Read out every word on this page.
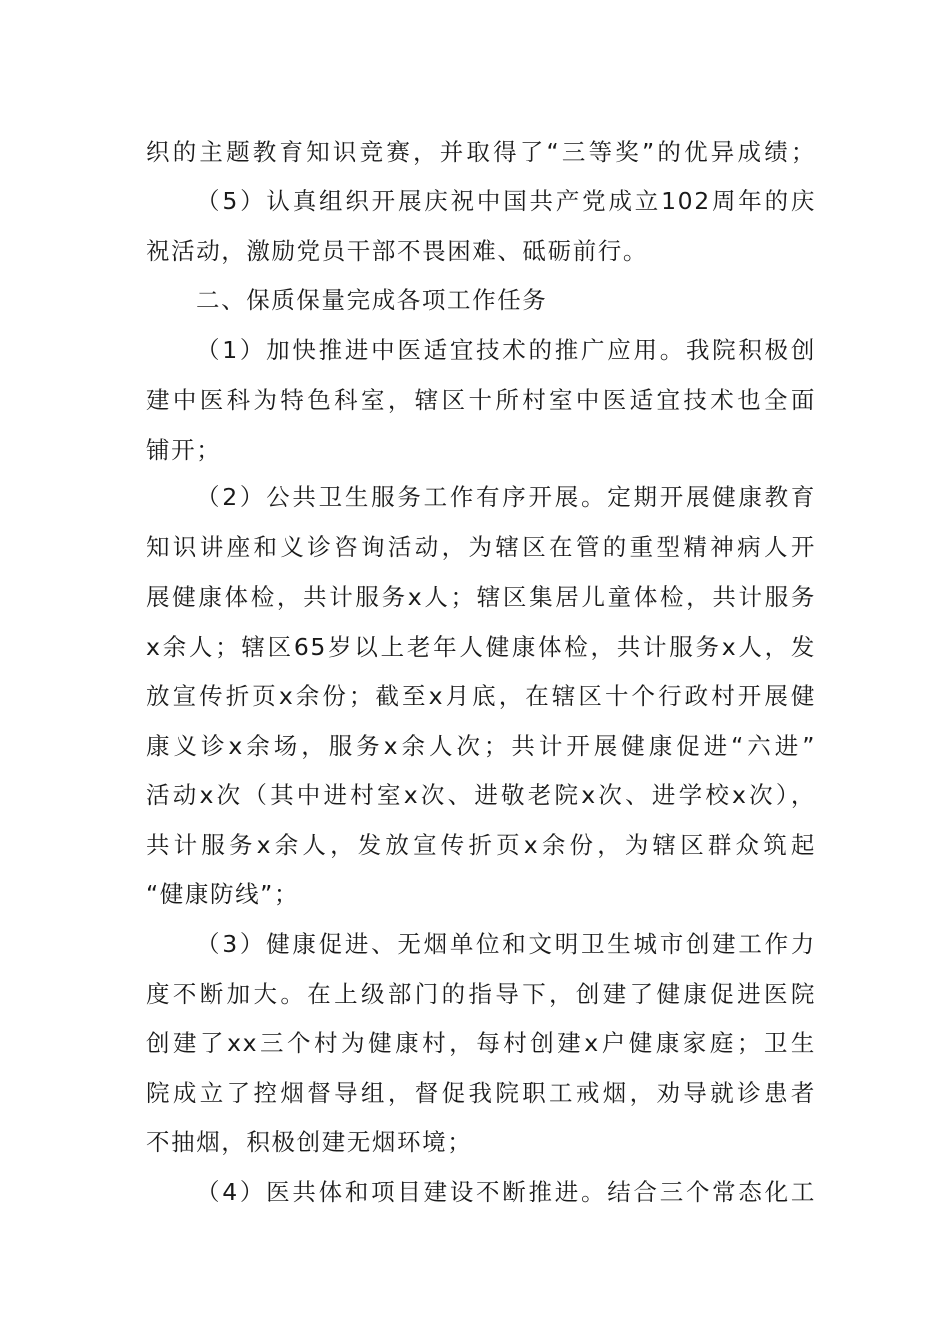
织的主题教育知识竞赛，并取得了“三等奖”的优异成绩；
（5）认真组织开展庆祝中国共产党成立102周年的庆
祝活动，激励党员干部不畏困难、砥砺前行。
二、保质保量完成各项工作任务
（1）加快推进中医适宜技术的推广应用。我院积极创
建中医科为特色科室，辖区十所村室中医适宜技术也全面
铺开；
（2）公共卫生服务工作有序开展。定期开展健康教育
知识讲座和义诊咨询活动，为辖区在管的重型精神病人开
展健康体检，共计服务x人；辖区集居儿童体检，共计服务
x余人；辖区65岁以上老年人健康体检，共计服务x人，发
放宣传折页x余份；截至x月底，在辖区十个行政村开展健
康义诊x余场，服务x余人次；共计开展健康促进“六进”
活动x次（其中进村室x次、进敬老院x次、进学校x次），
共计服务x余人，发放宣传折页x余份，为辖区群众筑起
“健康防线”；
（3）健康促进、无烟单位和文明卫生城市创建工作力
度不断加大。在上级部门的指导下，创建了健康促进医院
创建了xx三个村为健康村，每村创建x户健康家庭；卫生
院成立了控烟督导组，督促我院职工戒烟，劝导就诊患者
不抽烟，积极创建无烟环境；
（4）医共体和项目建设不断推进。结合三个常态化工
